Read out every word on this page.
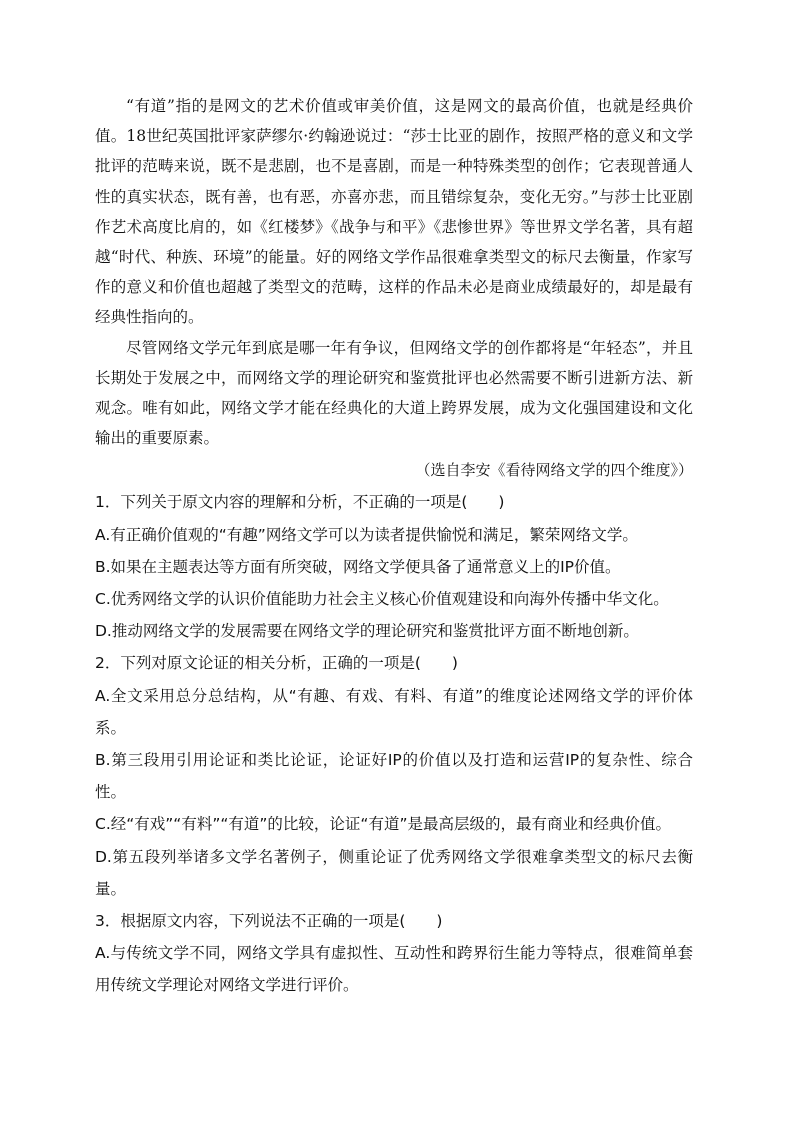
“有道”指的是网文的艺术价值或审美价值，这是网文的最高价值，也就是经典价值。18世纪英国批评家萨缪尔·约翰逊说过：“莎士比亚的剧作，按照严格的意义和文学批评的范畴来说，既不是悲剧，也不是喜剧，而是一种特殊类型的创作；它表现普通人性的真实状态，既有善，也有恶，亦喜亦悲，而且错综复杂，变化无穷。”与莎士比亚剧作艺术高度比肩的，如《红楼梦》《战争与和平》《悲惨世界》等世界文学名著，具有超越“时代、种族、环境”的能量。好的网络文学作品很难拿类型文的标尺去衡量，作家写作的意义和价值也超越了类型文的范畴，这样的作品未必是商业成绩最好的，却是最有经典性指向的。

尽管网络文学元年到底是哪一年有争议，但网络文学的创作都将是“年轻态”，并且长期处于发展之中，而网络文学的理论研究和鉴赏批评也必然需要不断引进新方法、新观念。唯有如此，网络文学才能在经典化的大道上跨界发展，成为文化强国建设和文化输出的重要原素。

（选自李安《看待网络文学的四个维度》）

1．下列关于原文内容的理解和分析，不正确的一项是(　　)

A.有正确价值观的“有趣”网络文学可以为读者提供愉悦和满足，繁荣网络文学。

B.如果在主题表达等方面有所突破，网络文学便具备了通常意义上的IP价值。

C.优秀网络文学的认识价值能助力社会主义核心价值观建设和向海外传播中华文化。

D.推动网络文学的发展需要在网络文学的理论研究和鉴赏批评方面不断地创新。

2．下列对原文论证的相关分析，正确的一项是(　　)

A.全文采用总分总结构，从“有趣、有戏、有料、有道”的维度论述网络文学的评价体系。

B.第三段用引用论证和类比论证，论证好IP的价值以及打造和运营IP的复杂性、综合性。

C.经“有戏”“有料”“有道”的比较，论证“有道”是最高层级的，最有商业和经典价值。

D.第五段列举诸多文学名著例子，侧重论证了优秀网络文学很难拿类型文的标尺去衡量。

3．根据原文内容，下列说法不正确的一项是(　　)

A.与传统文学不同，网络文学具有虚拟性、互动性和跨界衍生能力等特点，很难简单套用传统文学理论对网络文学进行评价。
